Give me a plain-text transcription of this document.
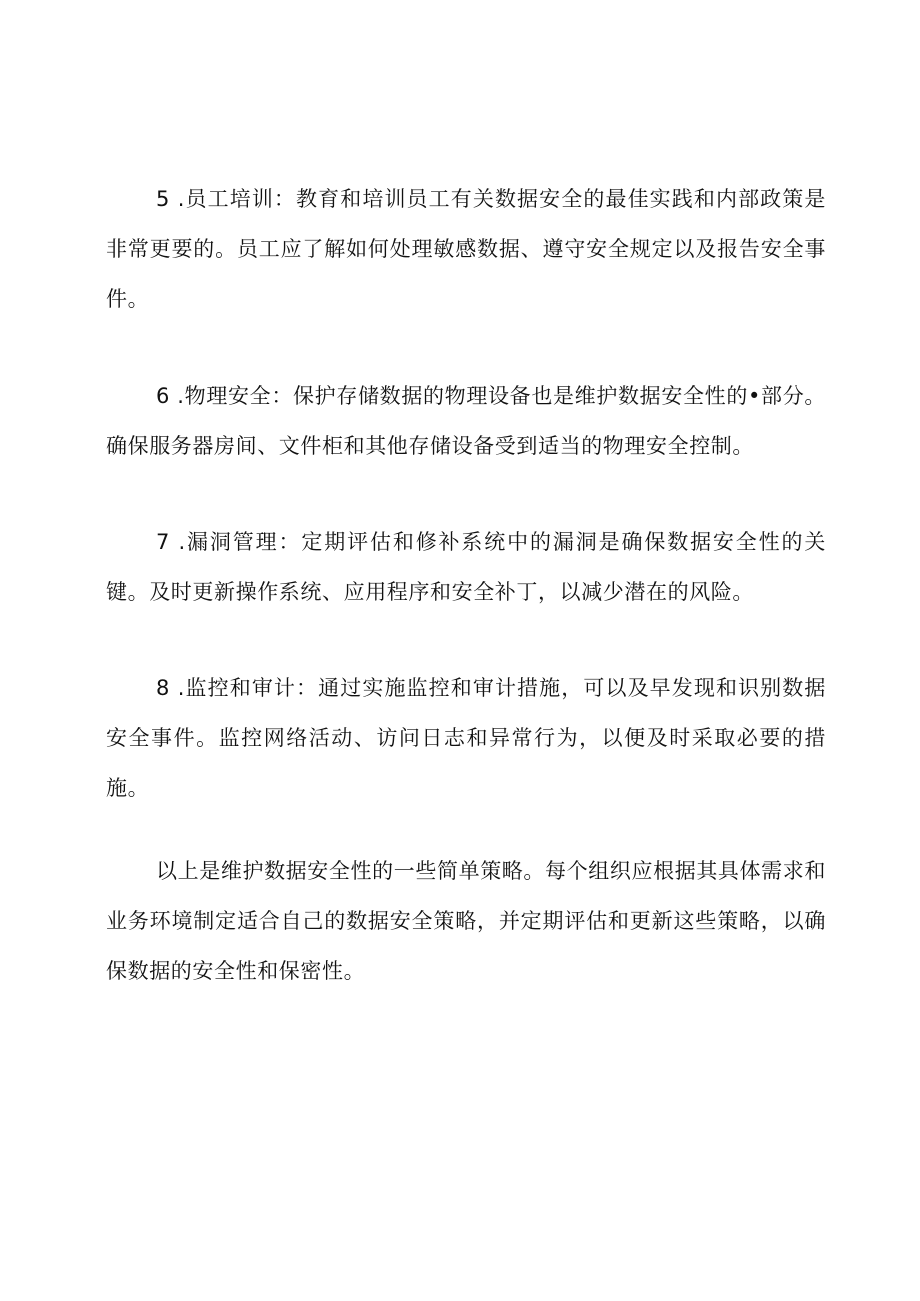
5 .员工培训：教育和培训员工有关数据安全的最佳实践和内部政策是非常更要的。员工应了解如何处理敏感数据、遵守安全规定以及报告安全事件。

6 .物理安全：保护存储数据的物理设备也是维护数据安全性的•部分。确保服务器房间、文件柜和其他存储设备受到适当的物理安全控制。

7 .漏洞管理：定期评估和修补系统中的漏洞是确保数据安全性的关键。及时更新操作系统、应用程序和安全补丁，以减少潜在的风险。

8 .监控和审计：通过实施监控和审计措施，可以及早发现和识别数据安全事件。监控网络活动、访问日志和异常行为，以便及时采取必要的措施。

以上是维护数据安全性的一些简单策略。每个组织应根据其具体需求和业务环境制定适合自己的数据安全策略，并定期评估和更新这些策略，以确保数据的安全性和保密性。
